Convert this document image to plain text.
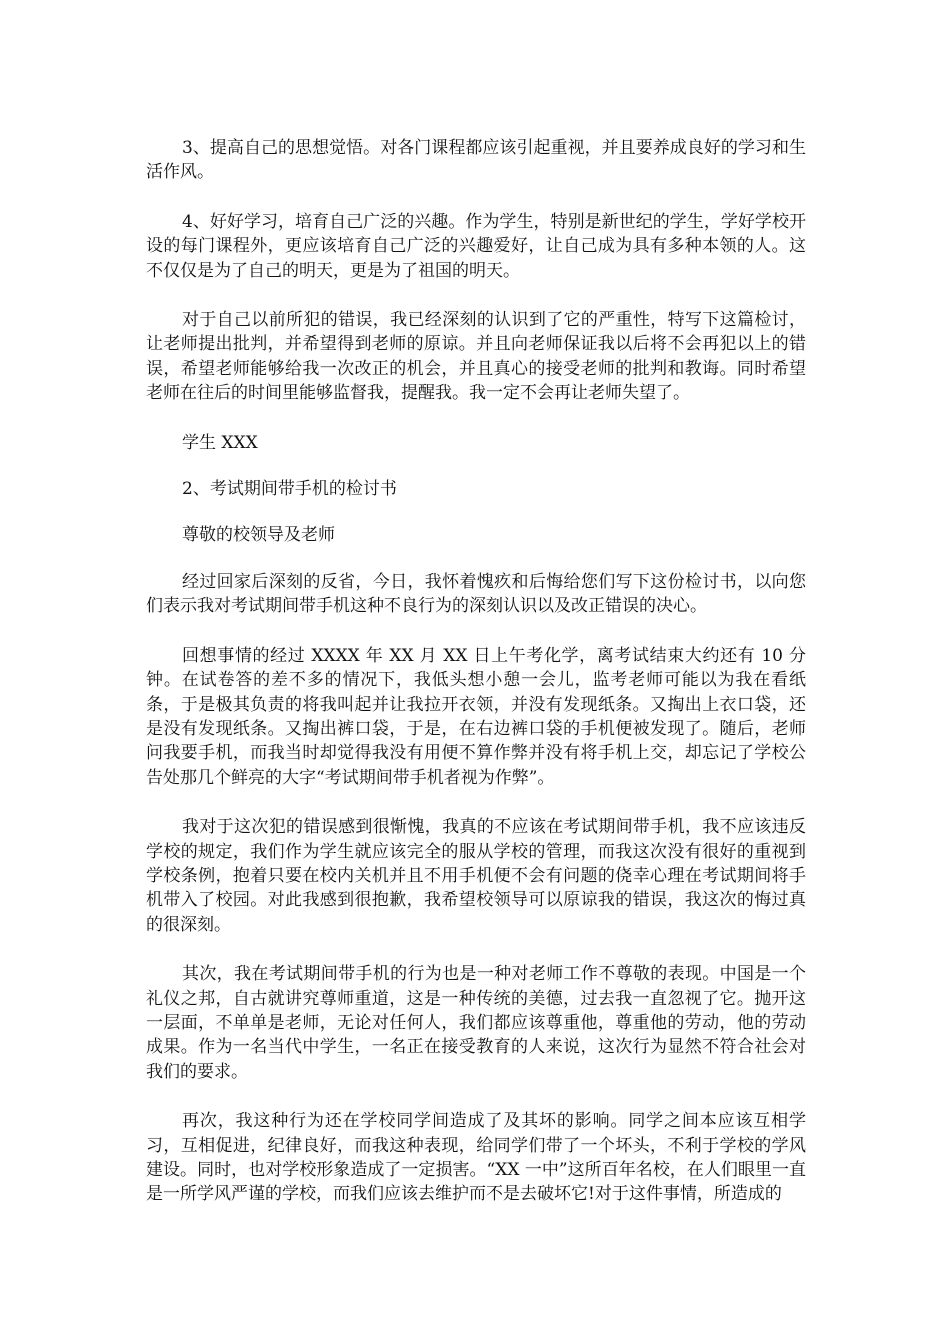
3、提高自己的思想觉悟。对各门课程都应该引起重视，并且要养成良好的学习和生活作风。

4、好好学习，培育自己广泛的兴趣。作为学生，特别是新世纪的学生，学好学校开设的每门课程外，更应该培育自己广泛的兴趣爱好，让自己成为具有多种本领的人。这不仅仅是为了自己的明天，更是为了祖国的明天。

对于自己以前所犯的错误，我已经深刻的认识到了它的严重性，特写下这篇检讨，让老师提出批判，并希望得到老师的原谅。并且向老师保证我以后将不会再犯以上的错误，希望老师能够给我一次改正的机会，并且真心的接受老师的批判和教诲。同时希望老师在往后的时间里能够监督我，提醒我。我一定不会再让老师失望了。

学生 XXX

2、考试期间带手机的检讨书

尊敬的校领导及老师

经过回家后深刻的反省，今日，我怀着愧疚和后悔给您们写下这份检讨书，以向您们表示我对考试期间带手机这种不良行为的深刻认识以及改正错误的决心。

回想事情的经过 XXXX 年 XX 月 XX 日上午考化学，离考试结束大约还有 10 分钟。在试卷答的差不多的情况下，我低头想小憩一会儿，监考老师可能以为我在看纸条，于是极其负责的将我叫起并让我拉开衣领，并没有发现纸条。又掏出上衣口袋，还是没有发现纸条。又掏出裤口袋，于是，在右边裤口袋的手机便被发现了。随后，老师问我要手机，而我当时却觉得我没有用便不算作弊并没有将手机上交，却忘记了学校公告处那几个鲜亮的大字“考试期间带手机者视为作弊”。

我对于这次犯的错误感到很惭愧，我真的不应该在考试期间带手机，我不应该违反学校的规定，我们作为学生就应该完全的服从学校的管理，而我这次没有很好的重视到学校条例，抱着只要在校内关机并且不用手机便不会有问题的侥幸心理在考试期间将手机带入了校园。对此我感到很抱歉，我希望校领导可以原谅我的错误，我这次的悔过真的很深刻。

其次，我在考试期间带手机的行为也是一种对老师工作不尊敬的表现。中国是一个礼仪之邦，自古就讲究尊师重道，这是一种传统的美德，过去我一直忽视了它。抛开这一层面，不单单是老师，无论对任何人，我们都应该尊重他，尊重他的劳动，他的劳动成果。作为一名当代中学生，一名正在接受教育的人来说，这次行为显然不符合社会对我们的要求。

再次，我这种行为还在学校同学间造成了及其坏的影响。同学之间本应该互相学习，互相促进，纪律良好，而我这种表现，给同学们带了一个坏头，不利于学校的学风建设。同时，也对学校形象造成了一定损害。“XX 一中”这所百年名校，在人们眼里一直是一所学风严谨的学校，而我们应该去维护而不是去破坏它!对于这件事情，所造成的
